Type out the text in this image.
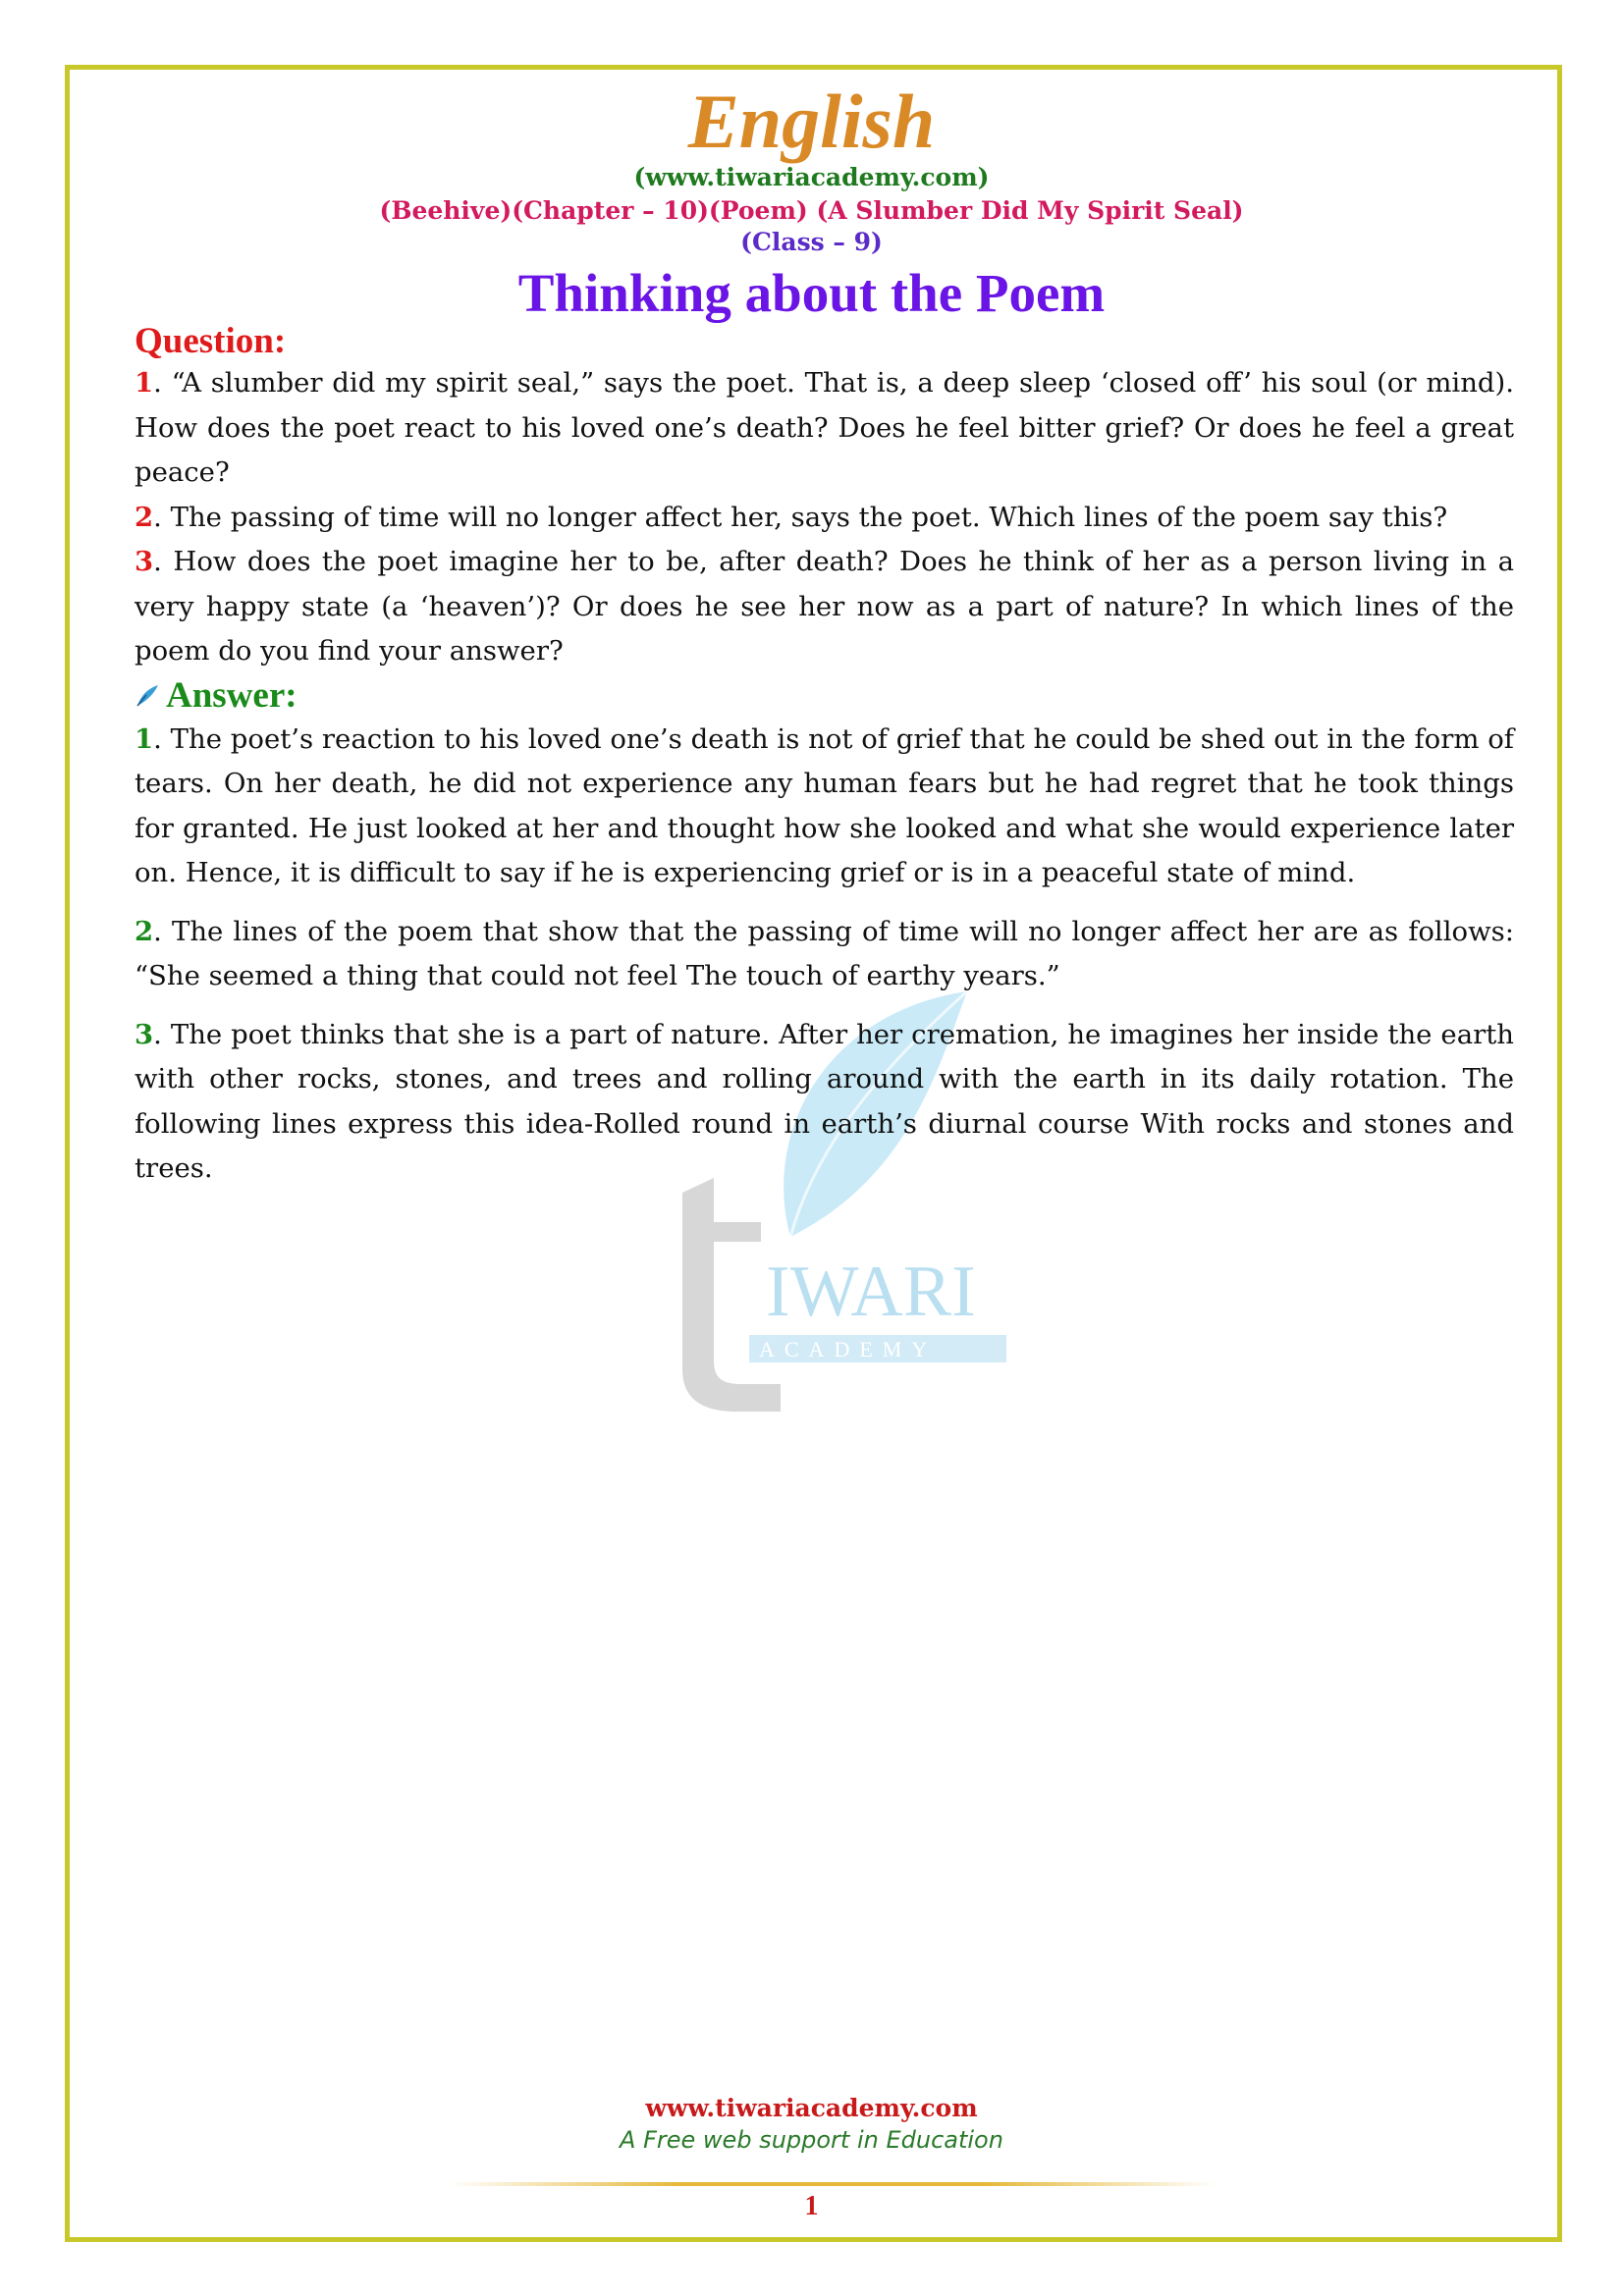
IWARI
ACADEMY
English
(www.tiwariacademy.com)
(Beehive)(Chapter – 10)(Poem) (A Slumber Did My Spirit Seal)
(Class – 9)
Thinking about the Poem
Question:

1. “A slumber did my spirit seal,” says the poet. That is, a deep sleep ‘closed off’ his soul (or mind). How does the poet react to his loved one’s death? Does he feel bitter grief? Or does he feel a great peace?

2. The passing of time will no longer affect her, says the poet. Which lines of the poem say this?

3. How does the poet imagine her to be, after death? Does he think of her as a person living in a very happy state (a ‘heaven’)? Or does he see her now as a part of nature? In which lines of the poem do you find your answer?

Answer:

1. The poet’s reaction to his loved one’s death is not of grief that he could be shed out in the form of tears. On her death, he did not experience any human fears but he had regret that he took things for granted. He just looked at her and thought how she looked and what she would experience later on. Hence, it is difficult to say if he is experiencing grief or is in a peaceful state of mind.

2. The lines of the poem that show that the passing of time will no longer affect her are as follows: “She seemed a thing that could not feel The touch of earthy years.”

3. The poet thinks that she is a part of nature. After her cremation, he imagines her inside the earth with other rocks, stones, and trees and rolling around with the earth in its daily rotation. The following lines express this idea-Rolled round in earth’s diurnal course With rocks and stones and trees.

www.tiwariacademy.com
A Free web support in Education
1
